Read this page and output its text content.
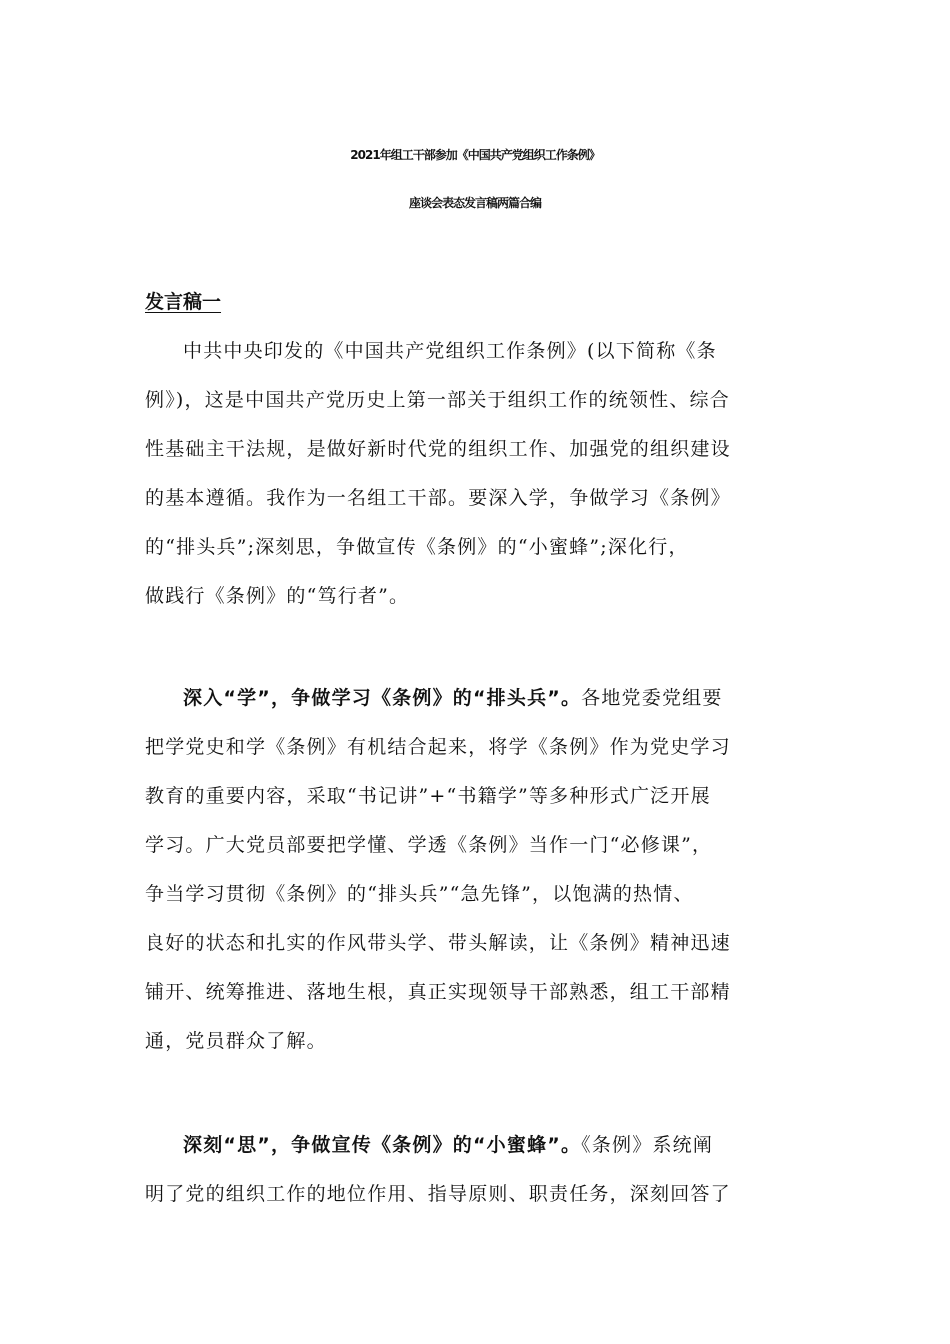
2021年组工干部参加《中国共产党组织工作条例》
座谈会表态发言稿两篇合编
发言稿一
中共中央印发的《中国共产党组织工作条例》(以下简称《条
例》)，这是中国共产党历史上第一部关于组织工作的统领性、综合
性基础主干法规，是做好新时代党的组织工作、加强党的组织建设
的基本遵循。我作为一名组工干部。要深入学，争做学习《条例》
的“排头兵”;深刻思，争做宣传《条例》的“小蜜蜂”;深化行，
做践行《条例》的“笃行者”。
深入“学”，争做学习《条例》的“排头兵”。各地党委党组要
把学党史和学《条例》有机结合起来，将学《条例》作为党史学习
教育的重要内容，采取“书记讲”+“书籍学”等多种形式广泛开展
学习。广大党员部要把学懂、学透《条例》当作一门“必修课”，
争当学习贯彻《条例》的“排头兵”“急先锋”，以饱满的热情、
良好的状态和扎实的作风带头学、带头解读，让《条例》精神迅速
铺开、统筹推进、落地生根，真正实现领导干部熟悉，组工干部精
通，党员群众了解。
深刻“思”，争做宣传《条例》的“小蜜蜂”。《条例》系统阐
明了党的组织工作的地位作用、指导原则、职责任务，深刻回答了
